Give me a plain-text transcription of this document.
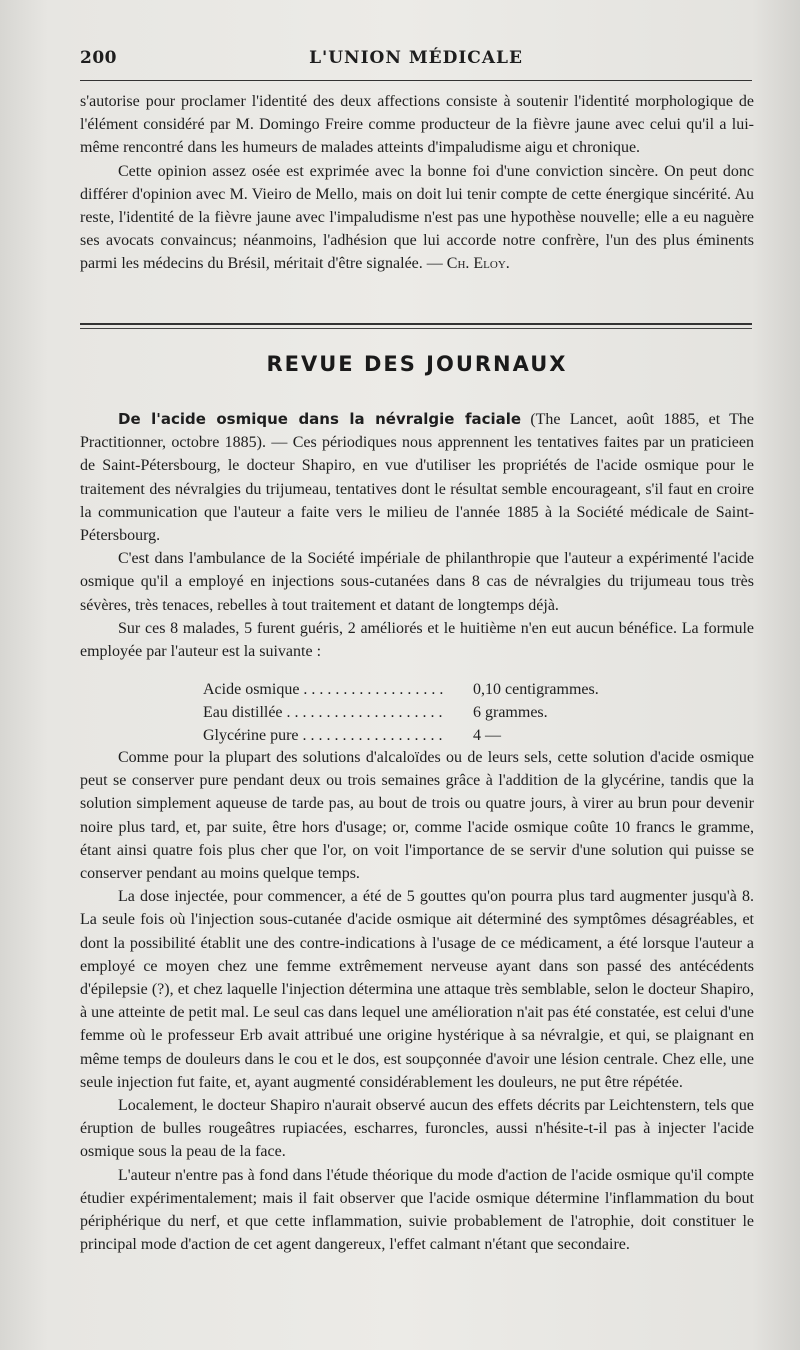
200	L'UNION MÉDICALE

s'autorise pour proclamer l'identité des deux affections consiste à soutenir l'identité morphologique de l'élément considéré par M. Domingo Freire comme producteur de la fièvre jaune avec celui qu'il a lui-même rencontré dans les humeurs de malades atteints d'impaludisme aigu et chronique.

Cette opinion assez osée est exprimée avec la bonne foi d'une conviction sincère. On peut donc différer d'opinion avec M. Vieiro de Mello, mais on doit lui tenir compte de cette énergique sincérité. Au reste, l'identité de la fièvre jaune avec l'impaludisme n'est pas une hypothèse nouvelle; elle a eu naguère ses avocats convaincus; néanmoins, l'adhésion que lui accorde notre confrère, l'un des plus éminents parmi les médecins du Brésil, méritait d'être signalée. — Ch. Eloy.

REVUE DES JOURNAUX

De l'acide osmique dans la névralgie faciale (The Lancet, août 1885, et The Practitionner, octobre 1885). — Ces périodiques nous apprennent les tentatives faites par un praticieen de Saint-Pétersbourg, le docteur Shapiro, en vue d'utiliser les propriétés de l'acide osmique pour le traitement des névralgies du trijumeau, tentatives dont le résultat semble encourageant, s'il faut en croire la communication que l'auteur a faite vers le milieu de l'année 1885 à la Société médicale de Saint-Pétersbourg.

C'est dans l'ambulance de la Société impériale de philanthropie que l'auteur a expérimenté l'acide osmique qu'il a employé en injections sous-cutanées dans 8 cas de névralgies du trijumeau tous très sévères, très tenaces, rebelles à tout traitement et datant de longtemps déjà.

Sur ces 8 malades, 5 furent guéris, 2 améliorés et le huitième n'en eut aucun bénéfice. La formule employée par l'auteur est la suivante :

Acide osmique . . .	0,10 centigrammes.
Eau distillée . . .	6 grammes.
Glycérine pure . . .	4 —

Comme pour la plupart des solutions d'alcaloïdes ou de leurs sels, cette solution d'acide osmique peut se conserver pure pendant deux ou trois semaines grâce à l'addition de la glycérine, tandis que la solution simplement aqueuse de tarde pas, au bout de trois ou quatre jours, à virer au brun pour devenir noire plus tard, et, par suite, être hors d'usage; or, comme l'acide osmique coûte 10 francs le gramme, étant ainsi quatre fois plus cher que l'or, on voit l'importance de se servir d'une solution qui puisse se conserver pendant au moins quelque temps.

La dose injectée, pour commencer, a été de 5 gouttes qu'on pourra plus tard augmenter jusqu'à 8. La seule fois où l'injection sous-cutanée d'acide osmique ait déterminé des symptômes désagréables, et dont la possibilité établit une des contre-indications à l'usage de ce médicament, a été lorsque l'auteur a employé ce moyen chez une femme extrêmement nerveuse ayant dans son passé des antécédents d'épilepsie (?), et chez laquelle l'injection détermina une attaque très semblable, selon le docteur Shapiro, à une atteinte de petit mal. Le seul cas dans lequel une amélioration n'ait pas été constatée, est celui d'une femme où le professeur Erb avait attribué une origine hystérique à sa névralgie, et qui, se plaignant en même temps de douleurs dans le cou et le dos, est soupçonnée d'avoir une lésion centrale. Chez elle, une seule injection fut faite, et, ayant augmenté considérablement les douleurs, ne put être répétée.

Localement, le docteur Shapiro n'aurait observé aucun des effets décrits par Leichtenstern, tels que éruption de bulles rougeâtres rupiacées, escharres, furoncles, aussi n'hésite-t-il pas à injecter l'acide osmique sous la peau de la face.

L'auteur n'entre pas à fond dans l'étude théorique du mode d'action de l'acide osmique qu'il compte étudier expérimentalement; mais il fait observer que l'acide osmique détermine l'inflammation du bout périphérique du nerf, et que cette inflammation, suivie probablement de l'atrophie, doit constituer le principal mode d'action de cet agent dangereux, l'effet calmant n'étant que secondaire.
